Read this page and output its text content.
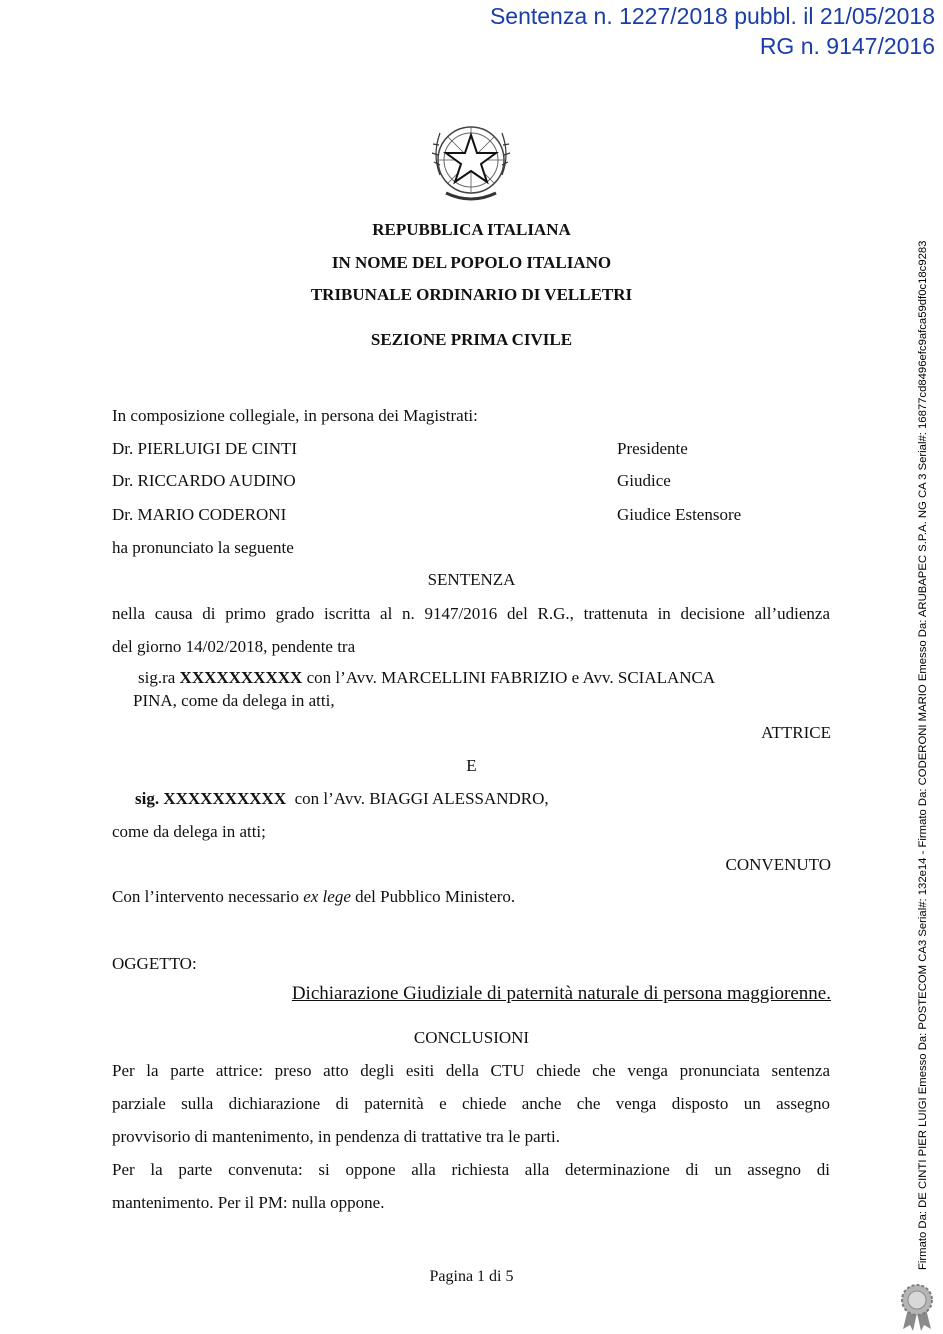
Sentenza n. 1227/2018 pubbl. il 21/05/2018
RG n. 9147/2016
REPUBBLICA ITALIANA
IN NOME DEL POPOLO ITALIANO
TRIBUNALE ORDINARIO DI VELLETRI
SEZIONE PRIMA CIVILE
In composizione collegiale, in persona dei Magistrati:
Dr. PIERLUIGI DE CINTI	Presidente
Dr. RICCARDO AUDINO	Giudice
Dr. MARIO CODERONI	Giudice Estensore
ha pronunciato la seguente
SENTENZA
nella causa di primo grado iscritta al n. 9147/2016 del R.G., trattenuta in decisione all’udienza
del giorno 14/02/2018, pendente tra
sig.ra XXXXXXXXXX con l’Avv. MARCELLINI FABRIZIO e Avv. SCIALANCA
PINA, come da delega in atti,
ATTRICE
E
sig. XXXXXXXXXX con l’Avv. BIAGGI ALESSANDRO,
come da delega in atti;
CONVENUTO
Con l’intervento necessario ex lege del Pubblico Ministero.
OGGETTO:
Dichiarazione Giudiziale di paternità naturale di persona maggiorenne.
CONCLUSIONI
Per la parte attrice: preso atto degli esiti della CTU chiede che venga pronunciata sentenza
parziale sulla dichiarazione di paternità e chiede anche che venga disposto un assegno
provvisorio di mantenimento, in pendenza di trattative tra le parti.
Per la parte convenuta: si oppone alla richiesta alla determinazione di un assegno di
mantenimento. Per il PM: nulla oppone.
Pagina 1 di 5
Firmato Da: DE CINTI PIER LUIGI Emesso Da: POSTECOM CA3 Serial#: 132e14 - Firmato Da: CODERONI MARIO Emesso Da: ARUBAPEC S.P.A. NG CA 3 Serial#: 16877cd8496efc9afca59df0c18c9283
